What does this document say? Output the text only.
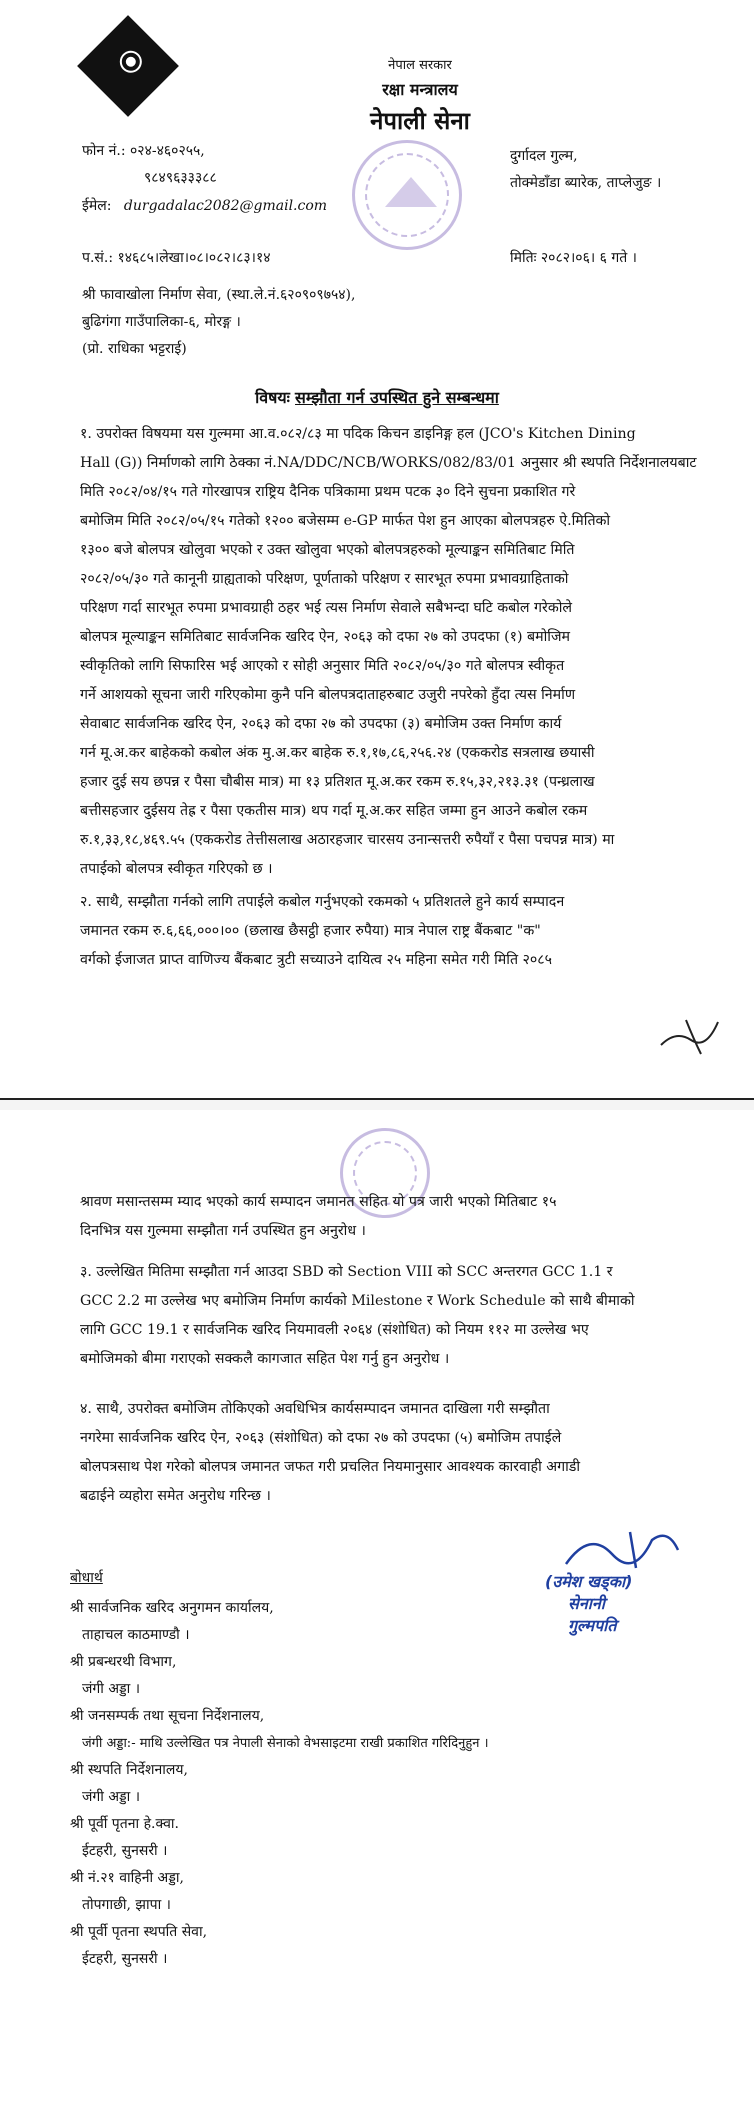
नेपाल सरकार
रक्षा मन्त्रालय
नेपाली सेना
फोन नं.: ०२४-४६०२५५,
९८४९६३३३८८
ईमेल: durgadalac2082@gmail.com
दुर्गादल गुल्म,
तोक्मेडाँडा ब्यारेक, ताप्लेजुङ ।
प.सं.: १४६८५।लेखा।०८।०८२।८३।१४	मितिः २०८२।०६। ६ गते ।
श्री फावाखोला निर्माण सेवा, (स्था.ले.नं.६२०९०९७५४),
बुढिगंगा गाउँपालिका-६, मोरङ्ग ।
(प्रो. राधिका भट्टराई)
विषयः सम्झौता गर्न उपस्थित हुने सम्बन्धमा
१. उपरोक्त विषयमा यस गुल्ममा आ.व.०८२/८३ मा पदिक किचन डाइनिङ्ग हल (JCO's Kitchen Dining
Hall (G)) निर्माणको लागि ठेक्का नं.NA/DDC/NCB/WORKS/082/83/01 अनुसार श्री स्थपति निर्देशनालयबाट
मिति २०८२/०४/१५ गते गोरखापत्र राष्ट्रिय दैनिक पत्रिकामा प्रथम पटक ३० दिने सुचना प्रकाशित गरे
बमोजिम मिति २०८२/०५/१५ गतेको १२०० बजेसम्म e-GP मार्फत पेश हुन आएका बोलपत्रहरु ऐ.मितिको
१३०० बजे बोलपत्र खोलुवा भएको र उक्त खोलुवा भएको बोलपत्रहरुको मूल्याङ्कन समितिबाट मिति
२०८२/०५/३० गते कानूनी ग्राह्यताको परिक्षण, पूर्णताको परिक्षण र सारभूत रुपमा प्रभावग्राहिताको
परिक्षण गर्दा सारभूत रुपमा प्रभावग्राही ठहर भई त्यस निर्माण सेवाले सबैभन्दा घटि कबोल गरेकोले
बोलपत्र मूल्याङ्कन समितिबाट सार्वजनिक खरिद ऐन, २०६३ को दफा २७ को उपदफा (१) बमोजिम
स्वीकृतिको लागि सिफारिस भई आएको र सोही अनुसार मिति २०८२/०५/३० गते बोलपत्र स्वीकृत
गर्ने आशयको सूचना जारी गरिएकोमा कुनै पनि बोलपत्रदाताहरुबाट उजुरी नपरेको हुँदा त्यस निर्माण
सेवाबाट सार्वजनिक खरिद ऐन, २०६३ को दफा २७ को उपदफा (३) बमोजिम उक्त निर्माण कार्य
गर्न मू.अ.कर बाहेकको कबोल अंक मु.अ.कर बाहेक रु.१,१७,८६,२५६.२४ (एककरोड सत्रलाख छयासी
हजार दुई सय छपन्न र पैसा चौबीस मात्र) मा १३ प्रतिशत मू.अ.कर रकम रु.१५,३२,२१३.३१ (पन्ध्रलाख
बत्तीसहजार दुईसय तेह्र र पैसा एकतीस मात्र) थप गर्दा मू.अ.कर सहित जम्मा हुन आउने कबोल रकम
रु.१,३३,१८,४६९.५५ (एककरोड तेत्तीसलाख अठारहजार चारसय उनान्सत्तरी रुपैयाँ र पैसा पचपन्न मात्र) मा
तपाईको बोलपत्र स्वीकृत गरिएको छ ।
२. साथै, सम्झौता गर्नको लागि तपाईले कबोल गर्नुभएको रकमको ५ प्रतिशतले हुने कार्य सम्पादन
जमानत रकम रु.६,६६,०००।०० (छलाख छैसट्ठी हजार रुपैया) मात्र नेपाल राष्ट्र बैंकबाट "क"
वर्गको ईजाजत प्राप्त वाणिज्य बैंकबाट त्रुटी सच्याउने दायित्व २५ महिना समेत गरी मिति २०८५
श्रावण मसान्तसम्म म्याद भएको कार्य सम्पादन जमानत सहित यो पत्र जारी भएको मितिबाट १५
दिनभित्र यस गुल्ममा सम्झौता गर्न उपस्थित हुन अनुरोध ।
३. उल्लेखित मितिमा सम्झौता गर्न आउदा SBD को Section VIII को SCC अन्तरगत GCC 1.1 र
GCC 2.2 मा उल्लेख भए बमोजिम निर्माण कार्यको Milestone र Work Schedule को साथै बीमाको
लागि GCC 19.1 र सार्वजनिक खरिद नियमावली २०६४ (संशोधित) को नियम ११२ मा उल्लेख भए
बमोजिमको बीमा गराएको सक्कलै कागजात सहित पेश गर्नु हुन अनुरोध ।
४. साथै, उपरोक्त बमोजिम तोकिएको अवधिभित्र कार्यसम्पादन जमानत दाखिला गरी सम्झौता
नगरेमा सार्वजनिक खरिद ऐन, २०६३ (संशोधित) को दफा २७ को उपदफा (५) बमोजिम तपाईले
बोलपत्रसाथ पेश गरेको बोलपत्र जमानत जफत गरी प्रचलित नियमानुसार आवश्यक कारवाही अगाडी
बढाईने व्यहोरा समेत अनुरोध गरिन्छ ।
(उमेश खड्का)
सेनानी
गुल्मपति
बोधार्थ
श्री सार्वजनिक खरिद अनुगमन कार्यालय,
ताहाचल काठमाण्डौ ।
श्री प्रबन्धरथी विभाग,
जंगी अड्डा ।
श्री जनसम्पर्क तथा सूचना निर्देशनालय,
जंगी अड्डा:- माथि उल्लेखित पत्र नेपाली सेनाको वेभसाइटमा राखी प्रकाशित गरिदिनुहुन ।
श्री स्थपति निर्देशनालय,
जंगी अड्डा ।
श्री पूर्वी पृतना हे.क्वा.
ईटहरी, सुनसरी ।
श्री नं.२१ वाहिनी अड्डा,
तोपगाछी, झापा ।
श्री पूर्वी पृतना स्थपति सेवा,
ईटहरी, सुनसरी ।
